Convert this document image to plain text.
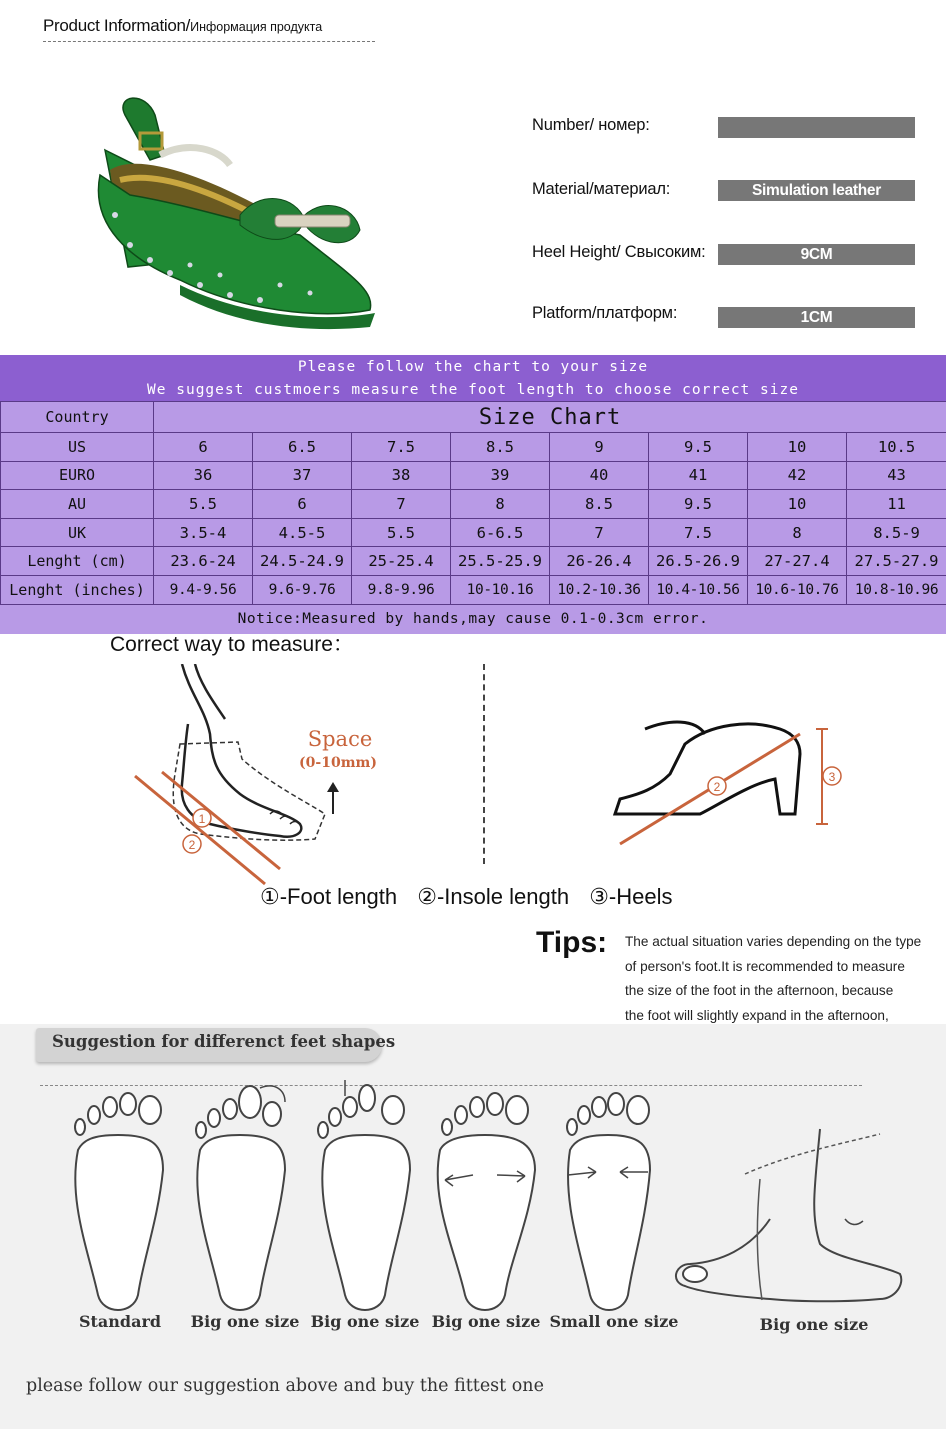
Product Information/Информация продукта
Number/ номер:
Material/материал:	Simulation leather
Heel Height/ Свысоким:	9CM
Platform/платформ:	1CM
Please follow the chart to your size
We suggest custmoers measure the foot length to choose correct size
Country	Size Chart							
US	6	6.5	7.5	8.5	9	9.5	10	10.5
EURO	36	37	38	39	40	41	42	43
AU	5.5	6	7	8	8.5	9.5	10	11
UK	3.5-4	4.5-5	5.5	6-6.5	7	7.5	8	8.5-9
Lenght (cm)	23.6-24	24.5-24.9	25-25.4	25.5-25.9	26-26.4	26.5-26.9	27-27.4	27.5-27.9
Lenght (inches)	9.4-9.56	9.6-9.76	9.8-9.96	10-10.16	10.2-10.36	10.4-10.56	10.6-10.76	10.8-10.96
Notice:Measured by hands,may cause 0.1-0.3cm error.
Correct way to measure：
1
2
Space
(0-10mm)
2
3
①-Foot length ②-Insole length ③-Heels
Tips: The actual situation varies depending on the type
of person's foot.It is recommended to measure
the size of the foot in the afternoon, because
the foot will slightly expand in the afternoon,
Suggestion for differenct feet shapes
Standard	Big one size Big one size Big one size Small one size	Big one size
please follow our suggestion above and buy the fittest one
